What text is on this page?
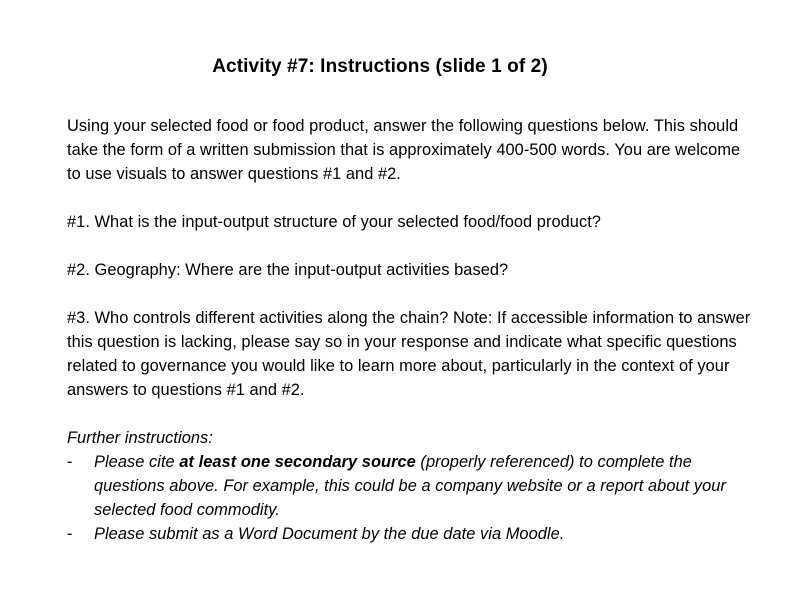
Activity #7: Instructions (slide 1 of 2)

Using your selected food or food product, answer the following questions below. This should take the form of a written submission that is approximately 400-500 words. You are welcome to use visuals to answer questions #1 and #2.

#1. What is the input-output structure of your selected food/food product?

#2. Geography: Where are the input-output activities based?

#3. Who controls different activities along the chain? Note: If accessible information to answer this question is lacking, please say so in your response and indicate what specific questions related to governance you would like to learn more about, particularly in the context of your answers to questions #1 and #2.

Further instructions:

- Please cite at least one secondary source (properly referenced) to complete the questions above. For example, this could be a company website or a report about your selected food commodity.
- Please submit as a Word Document by the due date via Moodle.
